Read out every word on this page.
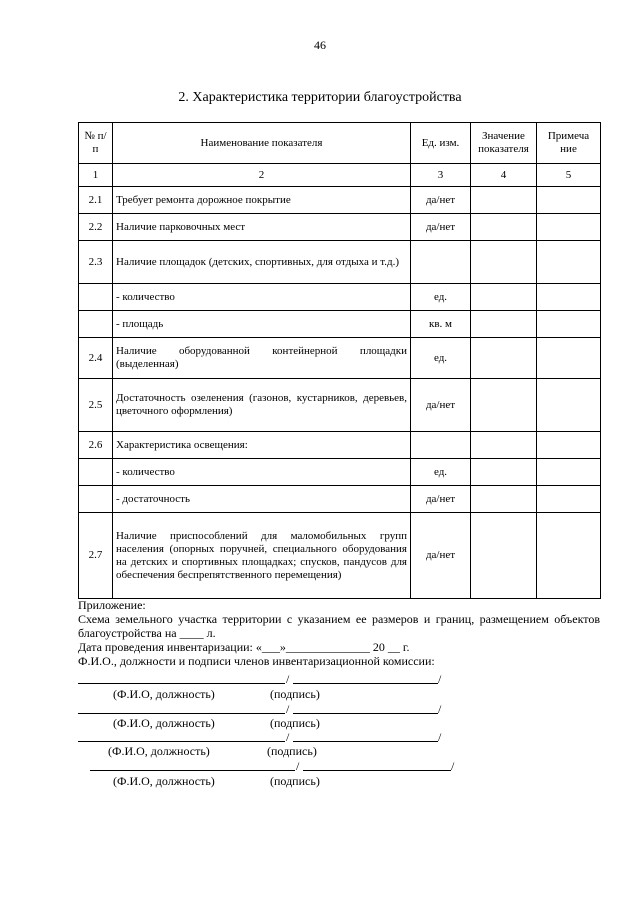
46
2. Характеристика территории благоустройства
№ п/п	Наименование показателя	Ед. изм.	Значение показателя	Примеча ние
1	2	3	4	5
2.1	Требует ремонта дорожное покрытие	да/нет		
2.2	Наличие парковочных мест	да/нет		
2.3	Наличие площадок (детских, спортивных, для отдыха и т.д.)			
	- количество	ед.		
	- площадь	кв. м		
2.4	Наличие оборудованной контейнерной площадки (выделенная)	ед.		
2.5	Достаточность озеленения (газонов, кустарников, деревьев, цветочного оформления)	да/нет		
2.6	Характеристика освещения:			
	- количество	ед.		
	- достаточность	да/нет		
2.7	Наличие приспособлений для маломобильных групп населения (опорных поручней, специального оборудования на детских и спортивных площадках; спусков, пандусов для обеспечения беспрепятственного перемещения)	да/нет		

Приложение:

Схема земельного участка территории с указанием ее размеров и границ, размещением объектов благоустройства на ____ л.

Дата проведения инвентаризации: «___»______________ 20 __ г.

Ф.И.О., должности и подписи членов инвентаризационной комиссии:

/	/
(Ф.И.О, должность)	(подпись)
/	/
(Ф.И.О, должность)	(подпись)
/	/
(Ф.И.О, должность)	(подпись)
/	/
(Ф.И.О, должность)	(подпись)
